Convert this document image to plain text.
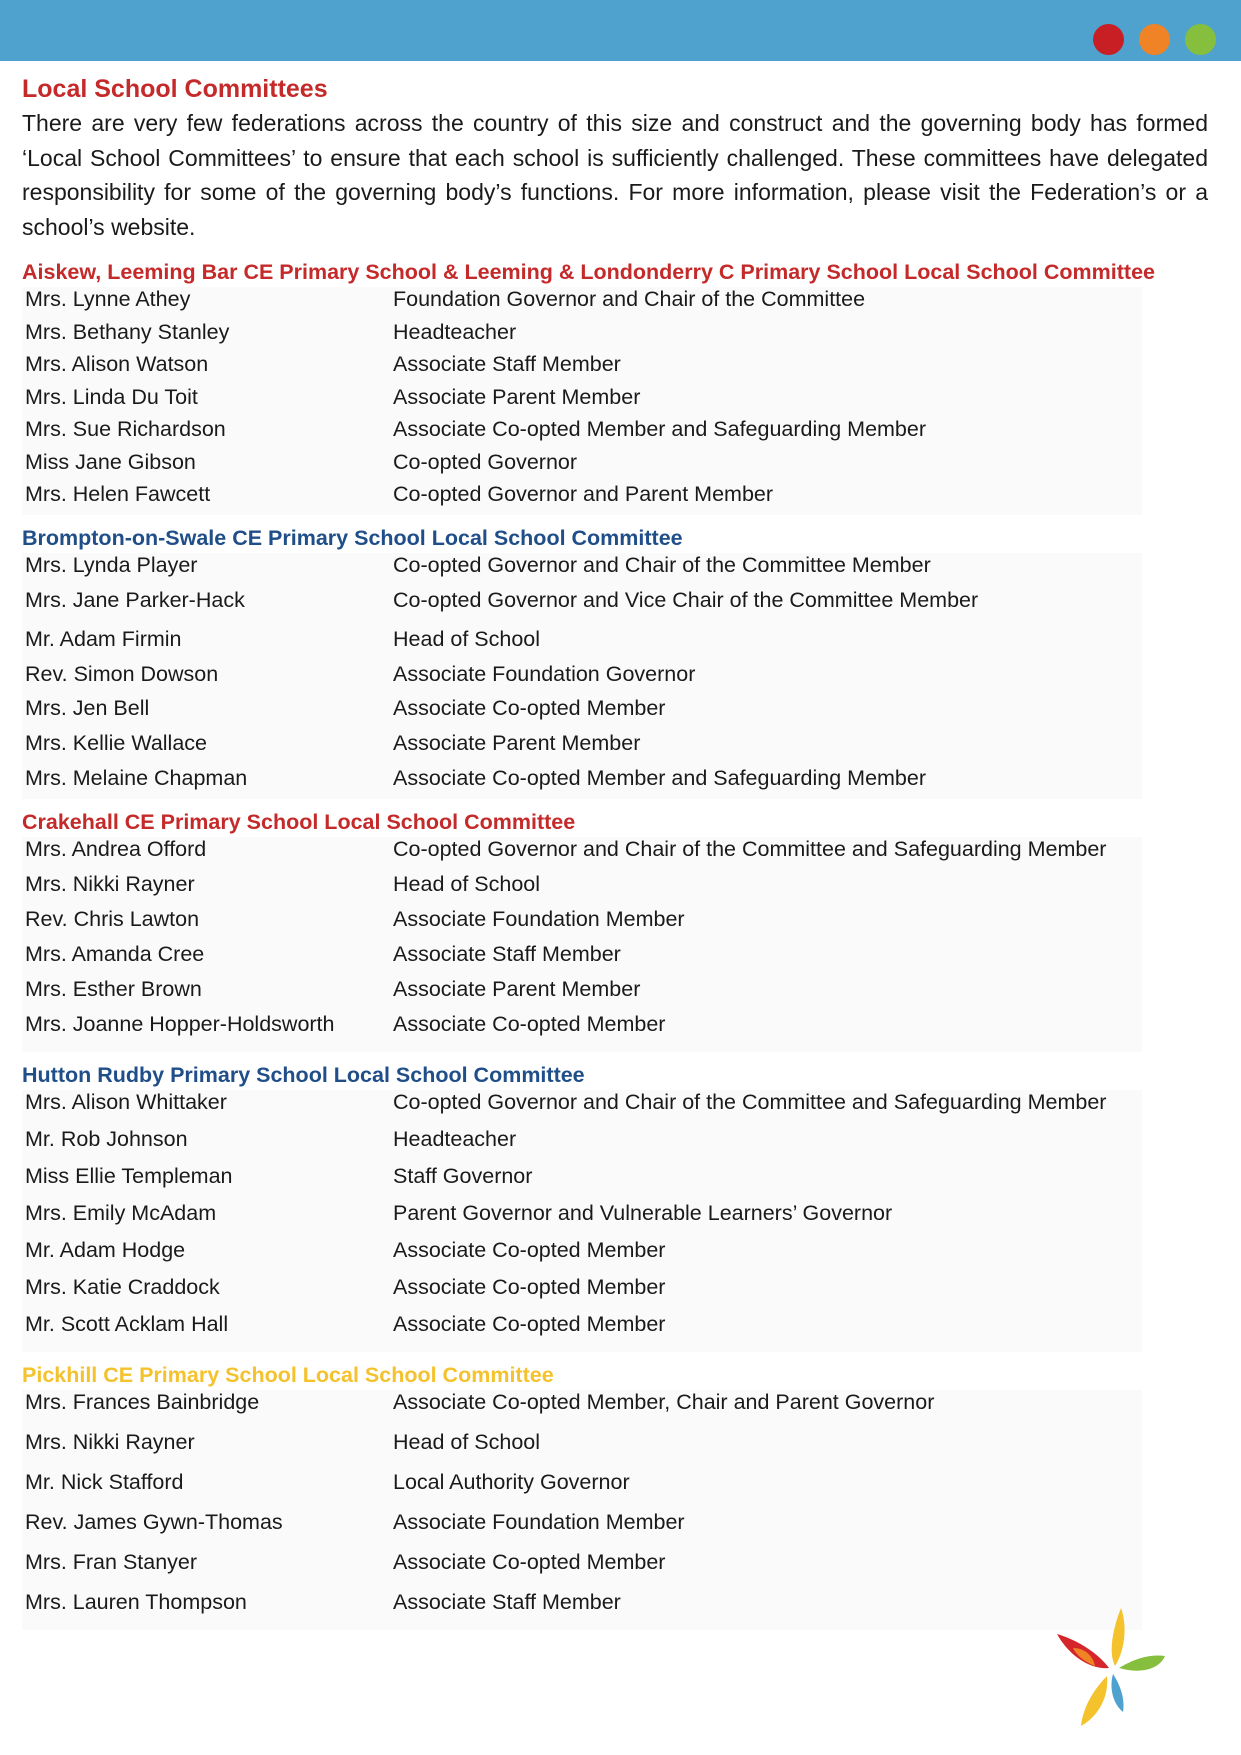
Local School Committees

There are very few federations across the country of this size and construct and the governing body has formed ‘Local School Committees’ to ensure that each school is sufficiently challenged. These committees have delegated responsibility for some of the governing body’s functions. For more information, please visit the Federation’s or a school’s website.

Aiskew, Leeming Bar CE Primary School & Leeming & Londonderry C Primary School Local School Committee
Mrs. Lynne Athey	Foundation Governor and Chair of the Committee
Mrs. Bethany Stanley	Headteacher
Mrs. Alison Watson	Associate Staff Member
Mrs. Linda Du Toit	Associate Parent Member
Mrs. Sue Richardson	Associate Co-opted Member and Safeguarding Member
Miss Jane Gibson	Co-opted Governor
Mrs. Helen Fawcett	Co-opted Governor and Parent Member
Brompton-on-Swale CE Primary School Local School Committee
Mrs. Lynda Player	Co-opted Governor and Chair of the Committee Member
Mrs. Jane Parker-Hack	Co-opted Governor and Vice Chair of the Committee Member
Mr. Adam Firmin	Head of School
Rev. Simon Dowson	Associate Foundation Governor
Mrs. Jen Bell	Associate Co-opted Member
Mrs. Kellie Wallace	Associate Parent Member
Mrs. Melaine Chapman	Associate Co-opted Member and Safeguarding Member
Crakehall CE Primary School Local School Committee
Mrs. Andrea Offord	Co-opted Governor and Chair of the Committee and Safeguarding Member
Mrs. Nikki Rayner	Head of School
Rev. Chris Lawton	Associate Foundation Member
Mrs. Amanda Cree	Associate Staff Member
Mrs. Esther Brown	Associate Parent Member
Mrs. Joanne Hopper-Holdsworth	Associate Co-opted Member
Hutton Rudby Primary School Local School Committee
Mrs. Alison Whittaker	Co-opted Governor and Chair of the Committee and Safeguarding Member
Mr. Rob Johnson	Headteacher
Miss Ellie Templeman	Staff Governor
Mrs. Emily McAdam	Parent Governor and Vulnerable Learners’ Governor
Mr. Adam Hodge	Associate Co-opted Member
Mrs. Katie Craddock	Associate Co-opted Member
Mr. Scott Acklam Hall	Associate Co-opted Member
Pickhill CE Primary School Local School Committee
Mrs. Frances Bainbridge	Associate Co-opted Member, Chair and Parent Governor
Mrs. Nikki Rayner	Head of School
Mr. Nick Stafford	Local Authority Governor
Rev. James Gywn-Thomas	Associate Foundation Member
Mrs. Fran Stanyer	Associate Co-opted Member
Mrs. Lauren Thompson	Associate Staff Member
